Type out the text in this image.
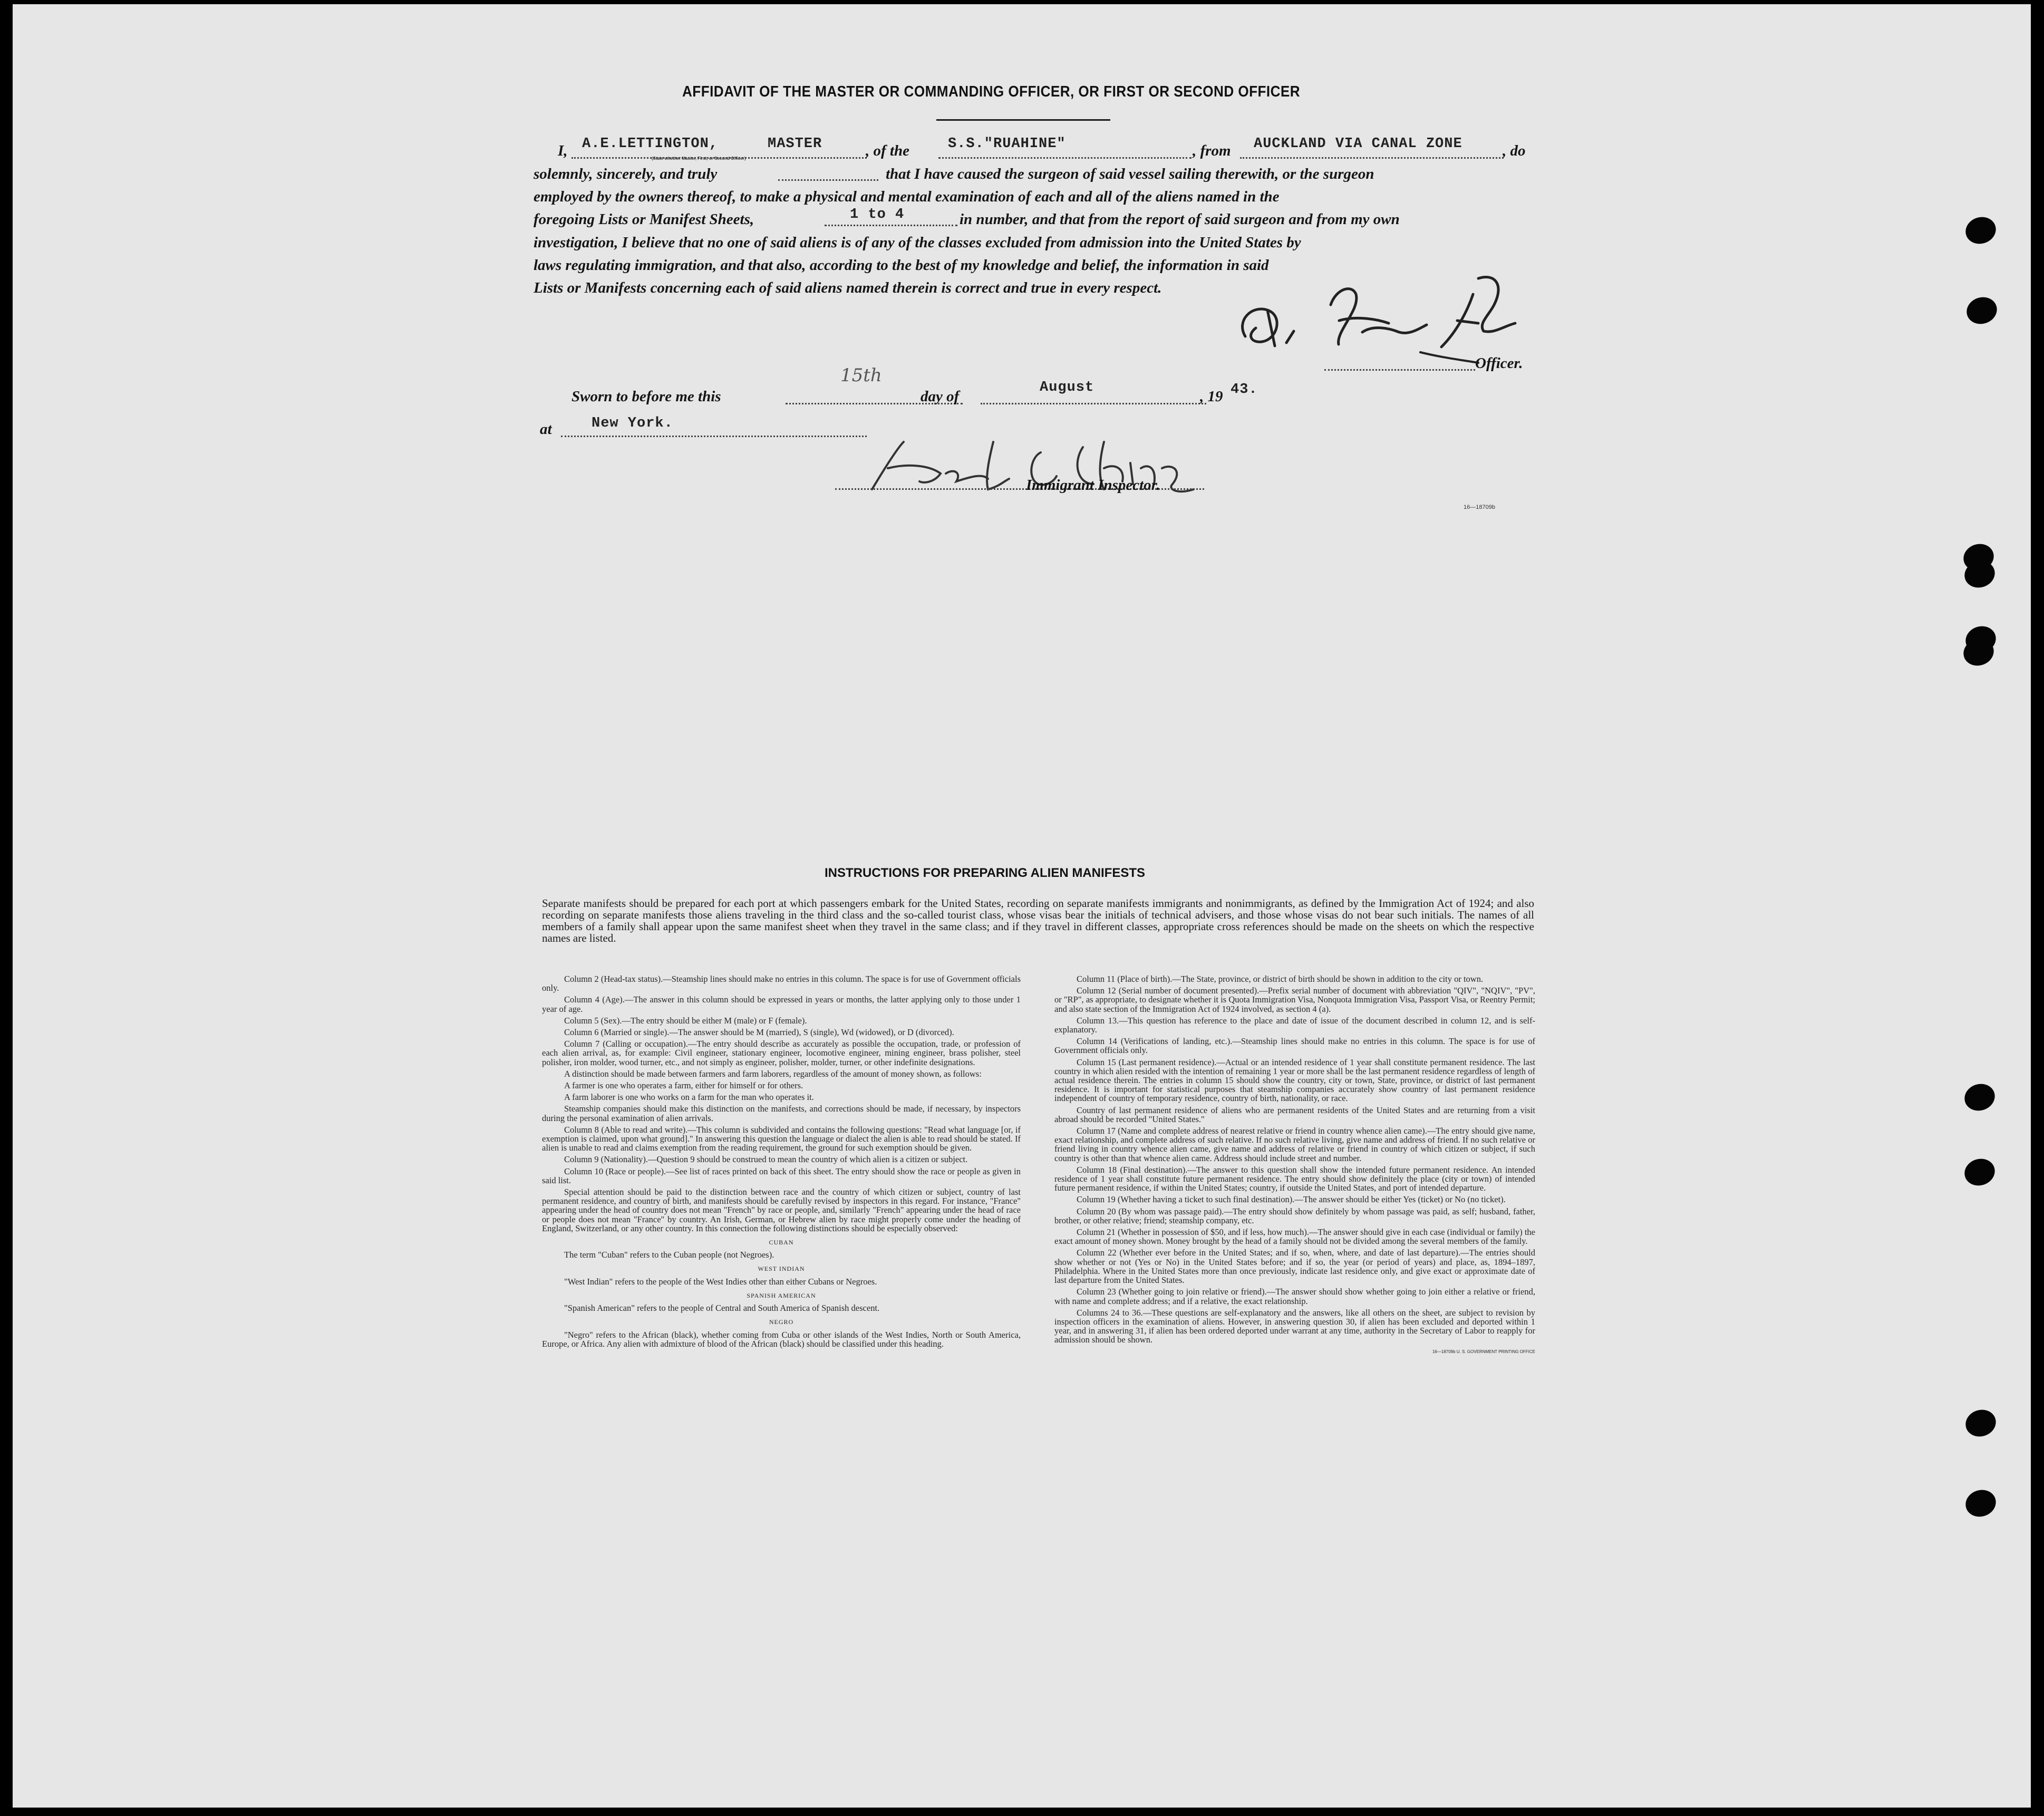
AFFIDAVIT OF THE MASTER OR COMMANDING OFFICER, OR FIRST OR SECOND OFFICER
I, A.E.LETTINGTON,	MASTER
(State whether Master, First, or Second Officer)	, of the	S.S."RUAHINE"	, from AUCKLAND VIA CANAL ZONE	, do
solemnly, sincerely, and truly	that I have caused the surgeon of said vessel sailing therewith, or the surgeon
employed by the owners thereof, to make a physical and mental examination of each and all of the aliens named in the
foregoing Lists or Manifest Sheets,	1 to 4	in number, and that from the report of said surgeon and from my own
investigation, I believe that no one of said aliens is of any of the classes excluded from admission into the United States by
laws regulating immigration, and that also, according to the best of my knowledge and belief, the information in said
Lists or Manifests concerning each of said aliens named therein is correct and true in every respect.
Officer.
Sworn to before me this
15th
day of
August
, 19 43.
at	New York.
Immigrant Inspector.
16—18709b
INSTRUCTIONS FOR PREPARING ALIEN MANIFESTS
Separate manifests should be prepared for each port at which passengers embark for the United States, recording on separate manifests immigrants and nonimmigrants, as defined by the Immigration Act of 1924; and also recording on separate manifests those aliens traveling in the third class and the so-called tourist class, whose visas bear the initials of technical advisers, and those whose visas do not bear such initials. The names of all members of a family shall appear upon the same manifest sheet when they travel in the same class; and if they travel in different classes, appropriate cross references should be made on the sheets on which the respective names are listed.

Column 2 (Head-tax status).—Steamship lines should make no entries in this column. The space is for use of Government officials only.

Column 4 (Age).—The answer in this column should be expressed in years or months, the latter applying only to those under 1 year of age.

Column 5 (Sex).—The entry should be either M (male) or F (female).

Column 6 (Married or single).—The answer should be M (married), S (single), Wd (widowed), or D (divorced).

Column 7 (Calling or occupation).—The entry should describe as accurately as possible the occupation, trade, or profession of each alien arrival, as, for example: Civil engineer, stationary engineer, locomotive engineer, mining engineer, brass polisher, steel polisher, iron molder, wood turner, etc., and not simply as engineer, polisher, molder, turner, or other indefinite designations.

A distinction should be made between farmers and farm laborers, regardless of the amount of money shown, as follows:

A farmer is one who operates a farm, either for himself or for others.

A farm laborer is one who works on a farm for the man who operates it.

Steamship companies should make this distinction on the manifests, and corrections should be made, if necessary, by inspectors during the personal examination of alien arrivals.

Column 8 (Able to read and write).—This column is subdivided and contains the following questions: "Read what language [or, if exemption is claimed, upon what ground]." In answering this question the language or dialect the alien is able to read should be stated. If alien is unable to read and claims exemption from the reading requirement, the ground for such exemption should be given.

Column 9 (Nationality).—Question 9 should be construed to mean the country of which alien is a citizen or subject.

Column 10 (Race or people).—See list of races printed on back of this sheet. The entry should show the race or people as given in said list.

Special attention should be paid to the distinction between race and the country of which citizen or subject, country of last permanent residence, and country of birth, and manifests should be carefully revised by inspectors in this regard. For instance, "France" appearing under the head of country does not mean "French" by race or people, and, similarly "French" appearing under the head of race or people does not mean "France" by country. An Irish, German, or Hebrew alien by race might properly come under the heading of England, Switzerland, or any other country. In this connection the following distinctions should be especially observed:

CUBAN

The term "Cuban" refers to the Cuban people (not Negroes).

WEST INDIAN

"West Indian" refers to the people of the West Indies other than either Cubans or Negroes.

SPANISH AMERICAN

"Spanish American" refers to the people of Central and South America of Spanish descent.

NEGRO

"Negro" refers to the African (black), whether coming from Cuba or other islands of the West Indies, North or South America, Europe, or Africa. Any alien with admixture of blood of the African (black) should be classified under this heading.

Column 11 (Place of birth).—The State, province, or district of birth should be shown in addition to the city or town.

Column 12 (Serial number of document presented).—Prefix serial number of document with abbreviation "QIV", "NQIV", "PV", or "RP", as appropriate, to designate whether it is Quota Immigration Visa, Nonquota Immigration Visa, Passport Visa, or Reentry Permit; and also state section of the Immigration Act of 1924 involved, as section 4 (a).

Column 13.—This question has reference to the place and date of issue of the document described in column 12, and is self-explanatory.

Column 14 (Verifications of landing, etc.).—Steamship lines should make no entries in this column. The space is for use of Government officials only.

Column 15 (Last permanent residence).—Actual or an intended residence of 1 year shall constitute permanent residence. The last country in which alien resided with the intention of remaining 1 year or more shall be the last permanent residence regardless of length of actual residence therein. The entries in column 15 should show the country, city or town, State, province, or district of last permanent residence. It is important for statistical purposes that steamship companies accurately show country of last permanent residence independent of country of temporary residence, country of birth, nationality, or race.

Country of last permanent residence of aliens who are permanent residents of the United States and are returning from a visit abroad should be recorded "United States."

Column 17 (Name and complete address of nearest relative or friend in country whence alien came).—The entry should give name, exact relationship, and complete address of such relative. If no such relative living, give name and address of friend. If no such relative or friend living in country whence alien came, give name and address of relative or friend in country of which citizen or subject, if such country is other than that whence alien came. Address should include street and number.

Column 18 (Final destination).—The answer to this question shall show the intended future permanent residence. An intended residence of 1 year shall constitute future permanent residence. The entry should show definitely the place (city or town) of intended future permanent residence, if within the United States; country, if outside the United States, and port of intended departure.

Column 19 (Whether having a ticket to such final destination).—The answer should be either Yes (ticket) or No (no ticket).

Column 20 (By whom was passage paid).—The entry should show definitely by whom passage was paid, as self; husband, father, brother, or other relative; friend; steamship company, etc.

Column 21 (Whether in possession of $50, and if less, how much).—The answer should give in each case (individual or family) the exact amount of money shown. Money brought by the head of a family should not be divided among the several members of the family.

Column 22 (Whether ever before in the United States; and if so, when, where, and date of last departure).—The entries should show whether or not (Yes or No) in the United States before; and if so, the year (or period of years) and place, as, 1894–1897, Philadelphia. Where in the United States more than once previously, indicate last residence only, and give exact or approximate date of last departure from the United States.

Column 23 (Whether going to join relative or friend).—The answer should show whether going to join either a relative or friend, with name and complete address; and if a relative, the exact relationship.

Columns 24 to 36.—These questions are self-explanatory and the answers, like all others on the sheet, are subject to revision by inspection officers in the examination of aliens. However, in answering question 30, if alien has been excluded and deported within 1 year, and in answering 31, if alien has been ordered deported under warrant at any time, authority in the Secretary of Labor to reapply for admission should be shown.

16—18709b U. S. GOVERNMENT PRINTING OFFICE
